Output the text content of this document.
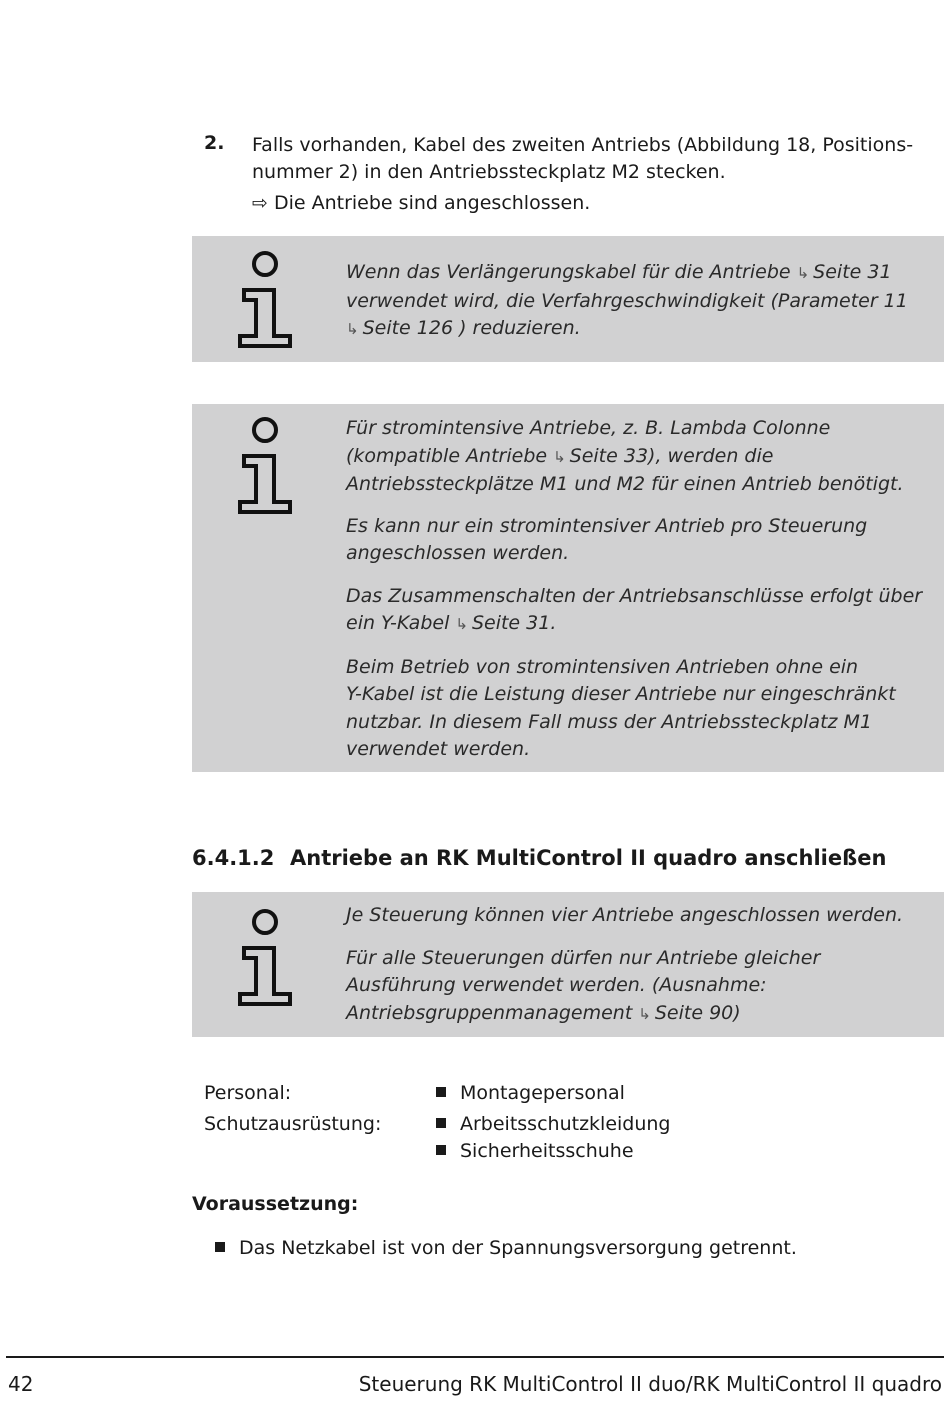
2. Falls vorhanden, Kabel des zweiten Antriebs (Abbildung 18, Positions-
nummer 2) in den Antriebssteckplatz M2 stecken.
⇨ Die Antriebe sind angeschlossen.

Wenn das Verlängerungskabel für die Antriebe ↳ Seite 31

verwendet wird, die Verfahrgeschwindigkeit (Parameter 11

↳ Seite 126 ) reduzieren.

Für stromintensive Antriebe, z. B. Lambda Colonne

(kompatible Antriebe ↳ Seite 33), werden die

Antriebssteckplätze M1 und M2 für einen Antrieb benötigt.

Es kann nur ein stromintensiver Antrieb pro Steuerung

angeschlossen werden.

Das Zusammenschalten der Antriebsanschlüsse erfolgt über

ein Y-Kabel ↳ Seite 31.

Beim Betrieb von stromintensiven Antrieben ohne ein

Y-Kabel ist die Leistung dieser Antriebe nur eingeschränkt

nutzbar. In diesem Fall muss der Antriebssteckplatz M1

verwendet werden.

6.4.1.2 Antriebe an RK MultiControl II quadro anschließen

Je Steuerung können vier Antriebe angeschlossen werden.

Für alle Steuerungen dürfen nur Antriebe gleicher

Ausführung verwendet werden. (Ausnahme:

Antriebsgruppenmanagement ↳ Seite 90)

Personal:
Schutzausrüstung:
Montagepersonal
Arbeitsschutzkleidung
Sicherheitsschuhe
Voraussetzung:
Das Netzkabel ist von der Spannungsversorgung getrennt.
42	Steuerung RK MultiControl II duo/RK MultiControl II quadro
